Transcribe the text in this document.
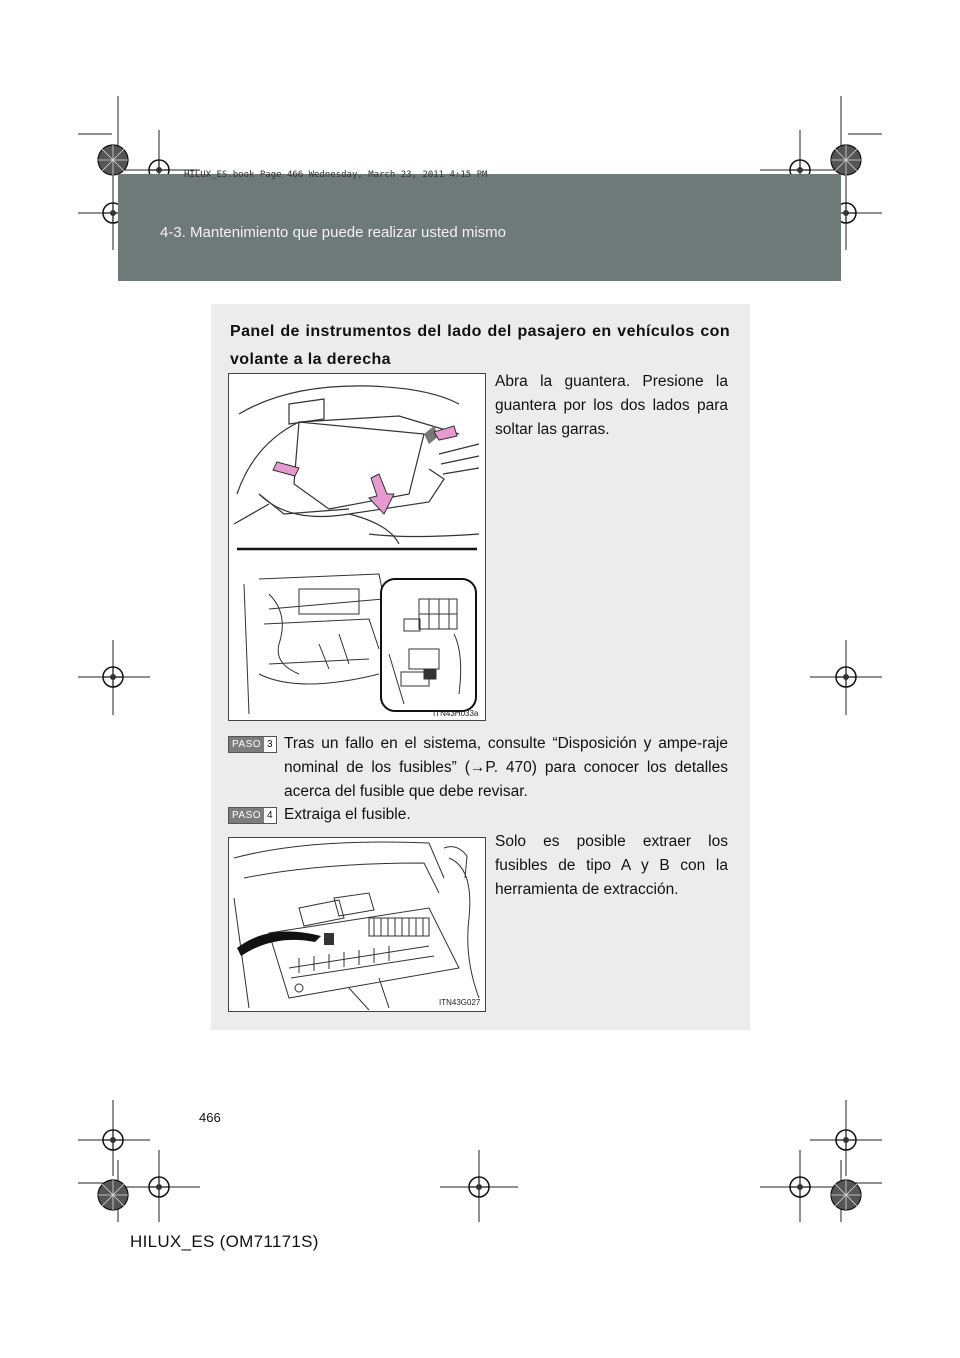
HILUX_ES.book Page 466 Wednesday, March 23, 2011 4:15 PM
4-3. Mantenimiento que puede realizar usted mismo
Panel de instrumentos del lado del pasajero en vehículos con volante a la derecha
ITN43H033a
Abra la guantera. Presione la guantera por los dos lados para soltar las garras.
PASO 3 Tras un fallo en el sistema, consulte “Disposición y ampe-raje nominal de los fusibles” (→P. 470) para conocer los detalles acerca del fusible que debe revisar.
PASO 4 Extraiga el fusible.
ITN43G027
Solo es posible extraer los fusibles de tipo A y B con la herramienta de extracción.
466
HILUX_ES (OM71171S)
